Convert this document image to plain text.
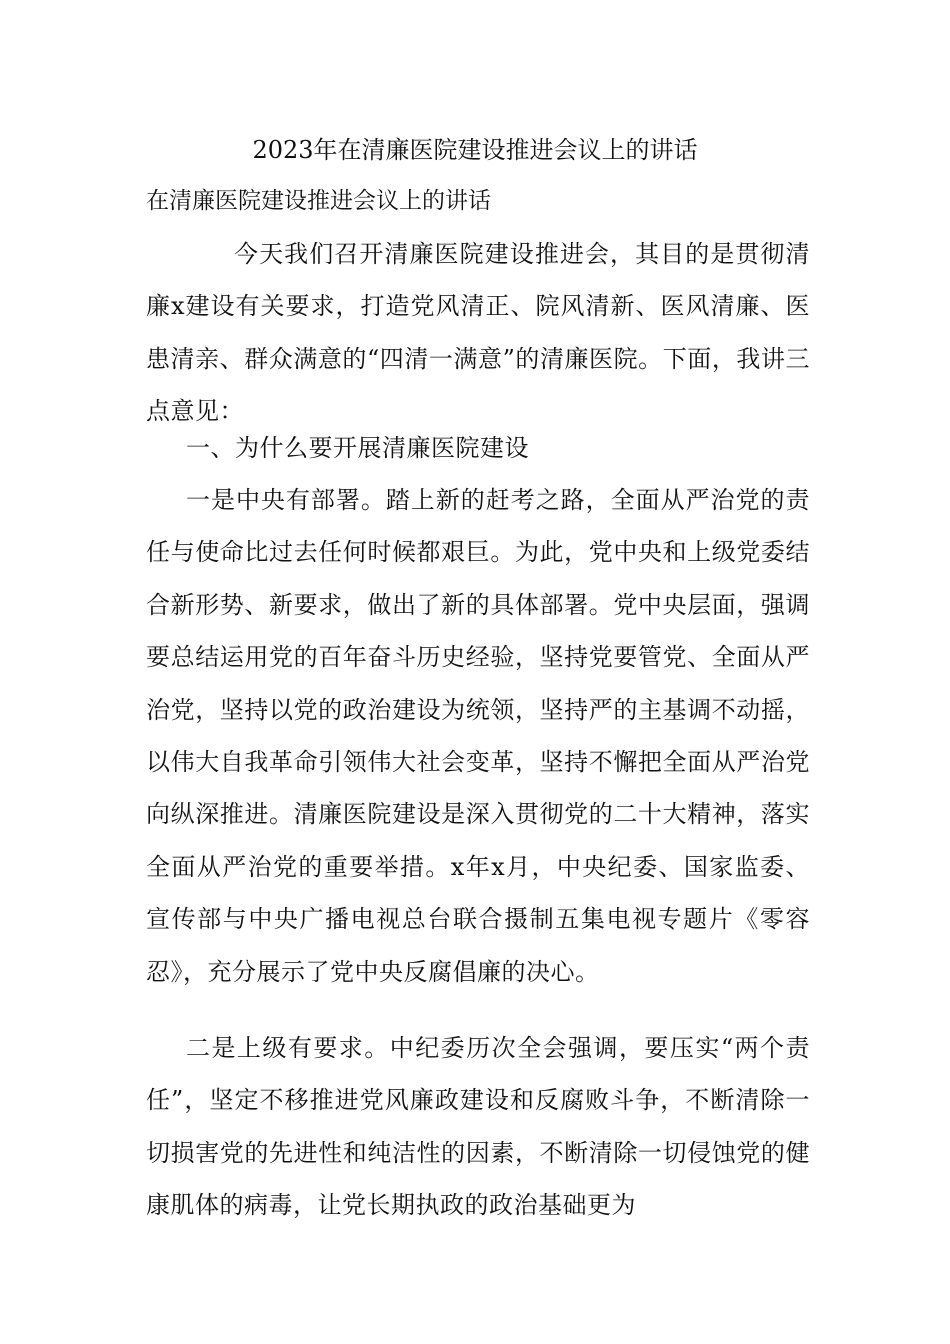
2023年在清廉医院建设推进会议上的讲话
在清廉医院建设推进会议上的讲话

今天我们召开清廉医院建设推进会，其目的是贯彻清廉x建设有关要求，打造党风清正、院风清新、医风清廉、医患清亲、群众满意的“四清一满意”的清廉医院。下面，我讲三点意见：

一、为什么要开展清廉医院建设

一是中央有部署。踏上新的赶考之路，全面从严治党的责任与使命比过去任何时候都艰巨。为此，党中央和上级党委结合新形势、新要求，做出了新的具体部署。党中央层面，强调要总结运用党的百年奋斗历史经验，坚持党要管党、全面从严治党，坚持以党的政治建设为统领，坚持严的主基调不动摇，以伟大自我革命引领伟大社会变革，坚持不懈把全面从严治党向纵深推进。清廉医院建设是深入贯彻党的二十大精神，落实全面从严治党的重要举措。x年x月，中央纪委、国家监委、宣传部与中央广播电视总台联合摄制五集电视专题片《零容忍》，充分展示了党中央反腐倡廉的决心。

二是上级有要求。中纪委历次全会强调，要压实“两个责任”，坚定不移推进党风廉政建设和反腐败斗争，不断清除一切损害党的先进性和纯洁性的因素，不断清除一切侵蚀党的健康肌体的病毒，让党长期执政的政治基础更为
